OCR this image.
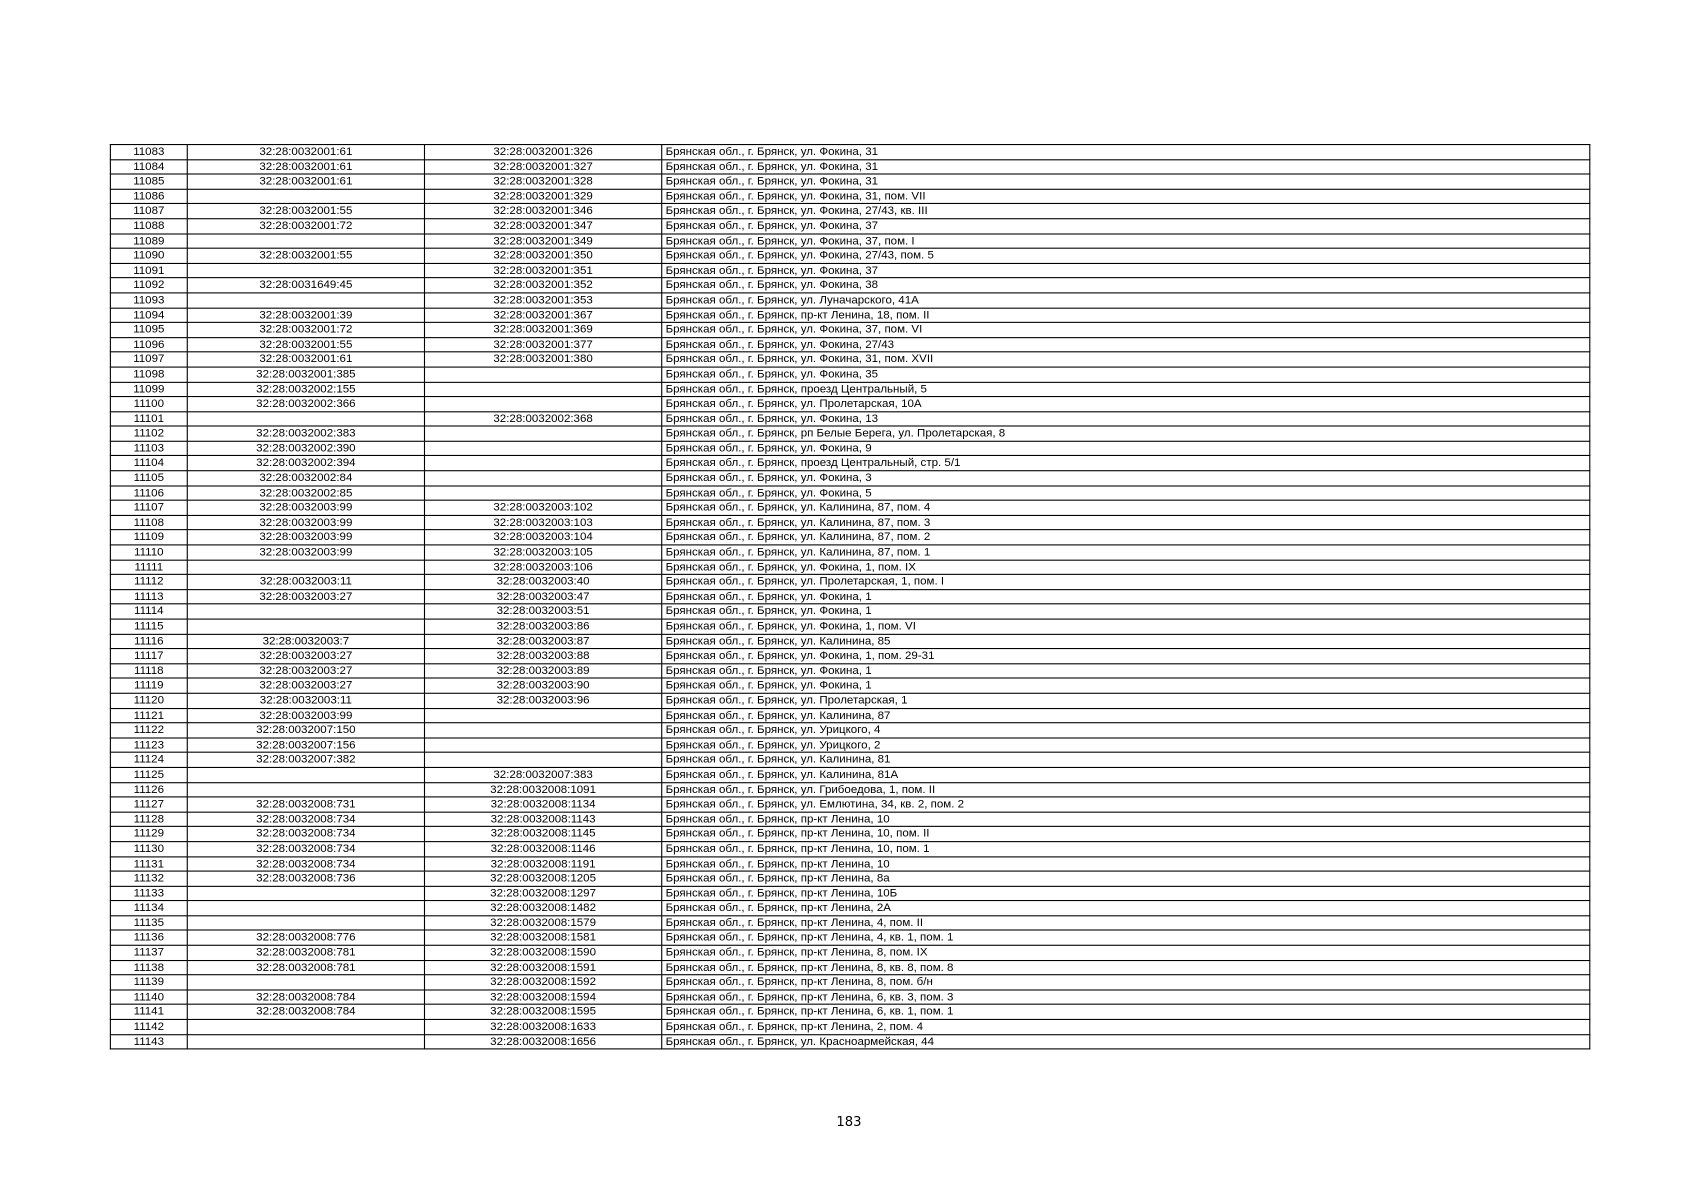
11083	32:28:0032001:61	32:28:0032001:326	Брянская обл., г. Брянск, ул. Фокина, 31
11084	32:28:0032001:61	32:28:0032001:327	Брянская обл., г. Брянск, ул. Фокина, 31
11085	32:28:0032001:61	32:28:0032001:328	Брянская обл., г. Брянск, ул. Фокина, 31
11086		32:28:0032001:329	Брянская обл., г. Брянск, ул. Фокина, 31, пом. VII
11087	32:28:0032001:55	32:28:0032001:346	Брянская обл., г. Брянск, ул. Фокина, 27/43, кв. III
11088	32:28:0032001:72	32:28:0032001:347	Брянская обл., г. Брянск, ул. Фокина, 37
11089		32:28:0032001:349	Брянская обл., г. Брянск, ул. Фокина, 37, пом. I
11090	32:28:0032001:55	32:28:0032001:350	Брянская обл., г. Брянск, ул. Фокина, 27/43, пом. 5
11091		32:28:0032001:351	Брянская обл., г. Брянск, ул. Фокина, 37
11092	32:28:0031649:45	32:28:0032001:352	Брянская обл., г. Брянск, ул. Фокина, 38
11093		32:28:0032001:353	Брянская обл., г. Брянск, ул. Луначарского, 41А
11094	32:28:0032001:39	32:28:0032001:367	Брянская обл., г. Брянск, пр-кт Ленина, 18, пом. II
11095	32:28:0032001:72	32:28:0032001:369	Брянская обл., г. Брянск, ул. Фокина, 37, пом. VI
11096	32:28:0032001:55	32:28:0032001:377	Брянская обл., г. Брянск, ул. Фокина, 27/43
11097	32:28:0032001:61	32:28:0032001:380	Брянская обл., г. Брянск, ул. Фокина, 31, пом. XVII
11098	32:28:0032001:385		Брянская обл., г. Брянск, ул. Фокина, 35
11099	32:28:0032002:155		Брянская обл., г. Брянск, проезд Центральный, 5
11100	32:28:0032002:366		Брянская обл., г. Брянск, ул. Пролетарская, 10А
11101		32:28:0032002:368	Брянская обл., г. Брянск, ул. Фокина, 13
11102	32:28:0032002:383		Брянская обл., г. Брянск, рп Белые Берега, ул. Пролетарская, 8
11103	32:28:0032002:390		Брянская обл., г. Брянск, ул. Фокина, 9
11104	32:28:0032002:394		Брянская обл., г. Брянск, проезд Центральный, стр. 5/1
11105	32:28:0032002:84		Брянская обл., г. Брянск, ул. Фокина, 3
11106	32:28:0032002:85		Брянская обл., г. Брянск, ул. Фокина, 5
11107	32:28:0032003:99	32:28:0032003:102	Брянская обл., г. Брянск, ул. Калинина, 87, пом. 4
11108	32:28:0032003:99	32:28:0032003:103	Брянская обл., г. Брянск, ул. Калинина, 87, пом. 3
11109	32:28:0032003:99	32:28:0032003:104	Брянская обл., г. Брянск, ул. Калинина, 87, пом. 2
11110	32:28:0032003:99	32:28:0032003:105	Брянская обл., г. Брянск, ул. Калинина, 87, пом. 1
11111		32:28:0032003:106	Брянская обл., г. Брянск, ул. Фокина, 1, пом. IX
11112	32:28:0032003:11	32:28:0032003:40	Брянская обл., г. Брянск, ул. Пролетарская, 1, пом. I
11113	32:28:0032003:27	32:28:0032003:47	Брянская обл., г. Брянск, ул. Фокина, 1
11114		32:28:0032003:51	Брянская обл., г. Брянск, ул. Фокина, 1
11115		32:28:0032003:86	Брянская обл., г. Брянск, ул. Фокина, 1, пом. VI
11116	32:28:0032003:7	32:28:0032003:87	Брянская обл., г. Брянск, ул. Калинина, 85
11117	32:28:0032003:27	32:28:0032003:88	Брянская обл., г. Брянск, ул. Фокина, 1, пом. 29-31
11118	32:28:0032003:27	32:28:0032003:89	Брянская обл., г. Брянск, ул. Фокина, 1
11119	32:28:0032003:27	32:28:0032003:90	Брянская обл., г. Брянск, ул. Фокина, 1
11120	32:28:0032003:11	32:28:0032003:96	Брянская обл., г. Брянск, ул. Пролетарская, 1
11121	32:28:0032003:99		Брянская обл., г. Брянск, ул. Калинина, 87
11122	32:28:0032007:150		Брянская обл., г. Брянск, ул. Урицкого, 4
11123	32:28:0032007:156		Брянская обл., г. Брянск, ул. Урицкого, 2
11124	32:28:0032007:382		Брянская обл., г. Брянск, ул. Калинина, 81
11125		32:28:0032007:383	Брянская обл., г. Брянск, ул. Калинина, 81А
11126		32:28:0032008:1091	Брянская обл., г. Брянск, ул. Грибоедова, 1, пом. II
11127	32:28:0032008:731	32:28:0032008:1134	Брянская обл., г. Брянск, ул. Емлютина, 34, кв. 2, пом. 2
11128	32:28:0032008:734	32:28:0032008:1143	Брянская обл., г. Брянск, пр-кт Ленина, 10
11129	32:28:0032008:734	32:28:0032008:1145	Брянская обл., г. Брянск, пр-кт Ленина, 10, пом. II
11130	32:28:0032008:734	32:28:0032008:1146	Брянская обл., г. Брянск, пр-кт Ленина, 10, пом. 1
11131	32:28:0032008:734	32:28:0032008:1191	Брянская обл., г. Брянск, пр-кт Ленина, 10
11132	32:28:0032008:736	32:28:0032008:1205	Брянская обл., г. Брянск, пр-кт Ленина, 8а
11133		32:28:0032008:1297	Брянская обл., г. Брянск, пр-кт Ленина, 10Б
11134		32:28:0032008:1482	Брянская обл., г. Брянск, пр-кт Ленина, 2А
11135		32:28:0032008:1579	Брянская обл., г. Брянск, пр-кт Ленина, 4, пом. II
11136	32:28:0032008:776	32:28:0032008:1581	Брянская обл., г. Брянск, пр-кт Ленина, 4, кв. 1, пом. 1
11137	32:28:0032008:781	32:28:0032008:1590	Брянская обл., г. Брянск, пр-кт Ленина, 8, пом. IX
11138	32:28:0032008:781	32:28:0032008:1591	Брянская обл., г. Брянск, пр-кт Ленина, 8, кв. 8, пом. 8
11139		32:28:0032008:1592	Брянская обл., г. Брянск, пр-кт Ленина, 8, пом. б/н
11140	32:28:0032008:784	32:28:0032008:1594	Брянская обл., г. Брянск, пр-кт Ленина, 6, кв. 3, пом. 3
11141	32:28:0032008:784	32:28:0032008:1595	Брянская обл., г. Брянск, пр-кт Ленина, 6, кв. 1, пом. 1
11142		32:28:0032008:1633	Брянская обл., г. Брянск, пр-кт Ленина, 2, пом. 4
11143		32:28:0032008:1656	Брянская обл., г. Брянск, ул. Красноармейская, 44
183
